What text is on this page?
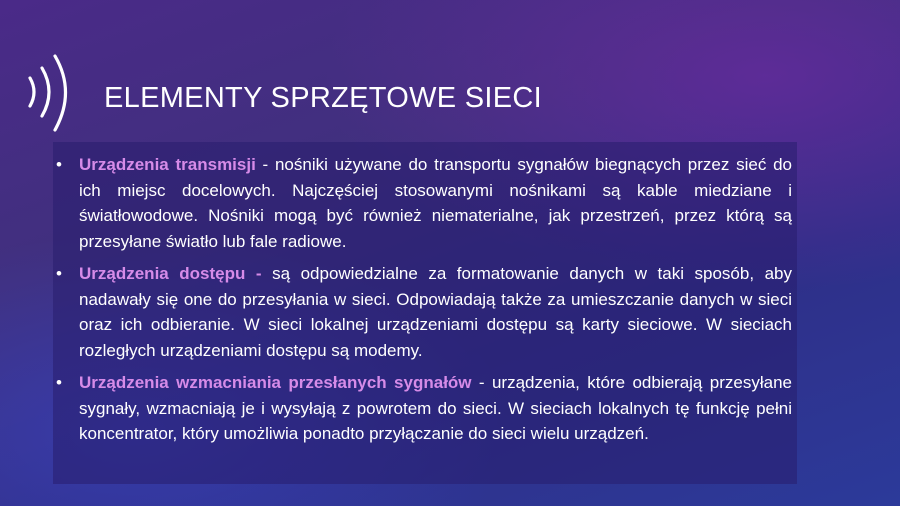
ELEMENTY SPRZĘTOWE SIECI
• Urządzenia transmisji - nośniki używane do transportu sygnałów biegnących przez sieć do ich miejsc docelowych. Najczęściej stosowanymi nośnikami są kable miedziane i światłowodowe. Nośniki mogą być również niematerialne, jak przestrzeń, przez którą są przesyłane światło lub fale radiowe.
• Urządzenia dostępu - są odpowiedzialne za formatowanie danych w taki sposób, aby nadawały się one do przesyłania w sieci. Odpowiadają także za umieszczanie danych w sieci oraz ich odbieranie. W sieci lokalnej urządzeniami dostępu są karty sieciowe. W sieciach rozległych urządzeniami dostępu są modemy.
• Urządzenia wzmacniania przesłanych sygnałów - urządzenia, które odbierają przesyłane sygnały, wzmacniają je i wysyłają z powrotem do sieci. W sieciach lokalnych tę funkcję pełni koncentrator, który umożliwia ponadto przyłączanie do sieci wielu urządzeń.
